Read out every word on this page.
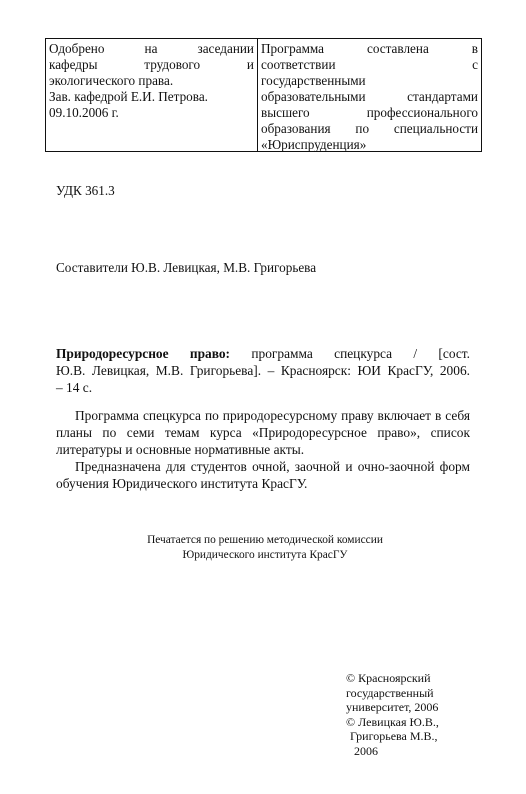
Одобрено на заседании
кафедры трудового и
экологического права.
Зав. кафедрой Е.И. Петрова.
09.10.2006 г.
Программа составлена в
соответствии с
государственными
образовательными стандартами
высшего профессионального
образования по специальности
«Юриспруденция»
УДК 361.3
Составители Ю.В. Левицкая, М.В. Григорьева
Природоресурсное право: программа спецкурса / [сост.
Ю.В. Левицкая, М.В. Григорьева]. – Красноярск: ЮИ КрасГУ, 2006.
– 14 с.
Программа спецкурса по природоресурсному праву включает в себя
планы по семи темам курса «Природоресурсное право», список
литературы и основные нормативные акты.
Предназначена для студентов очной, заочной и очно-заочной форм
обучения Юридического института КрасГУ.
Печатается по решению методической комиссии
Юридического института КрасГУ
© Красноярский
государственный
университет, 2006
© Левицкая Ю.В.,
Григорьева М.В.,
2006
